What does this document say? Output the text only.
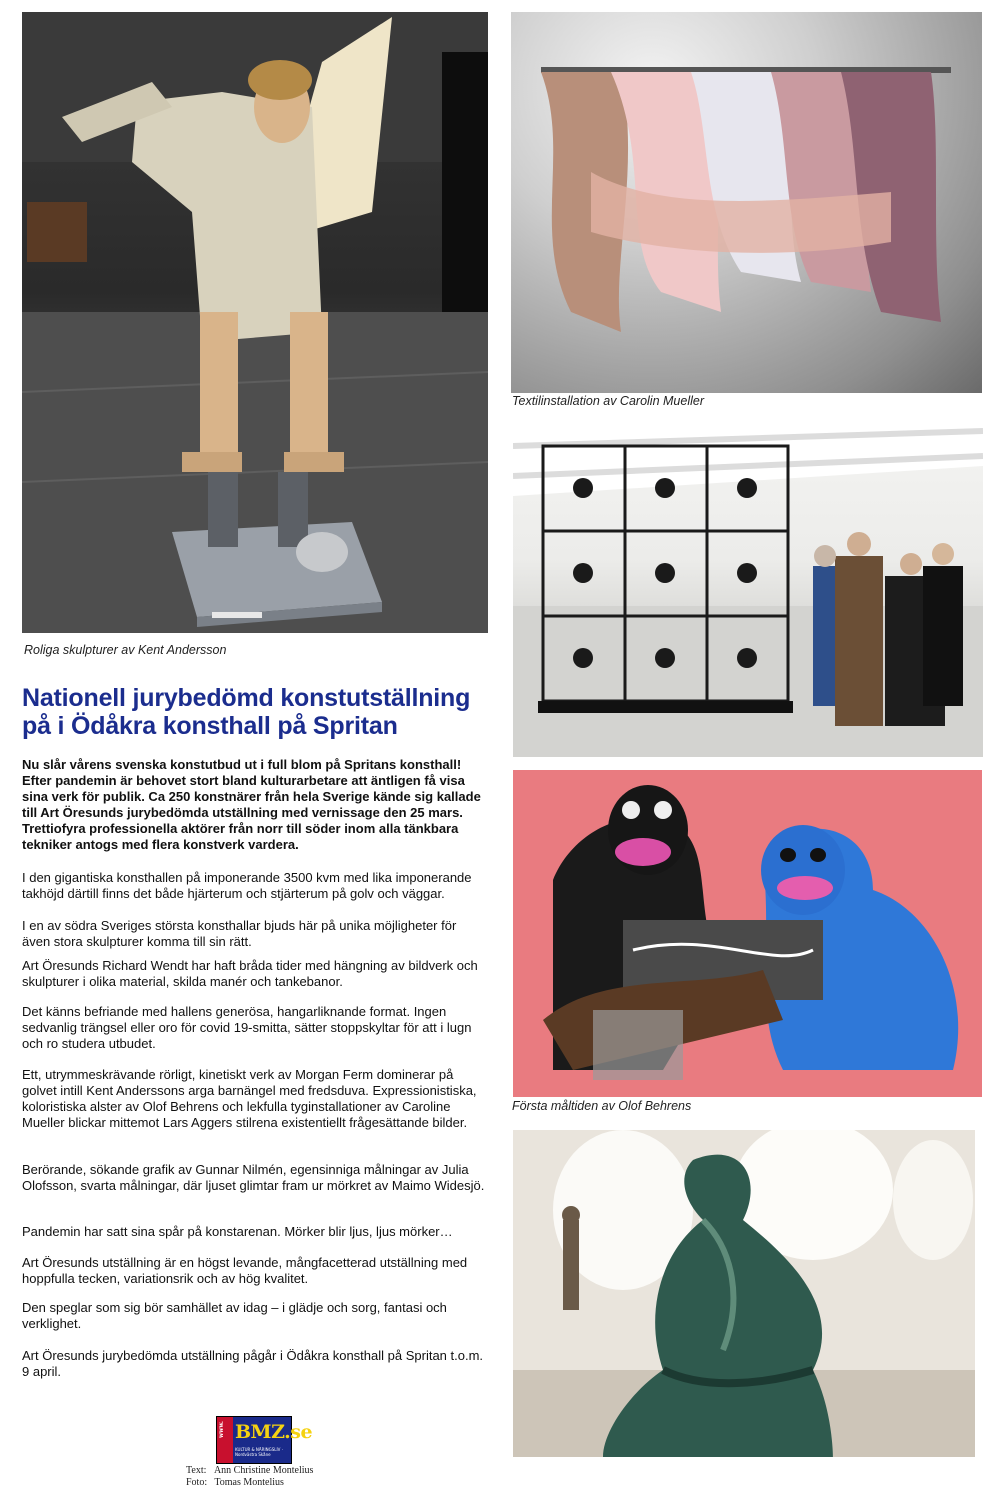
Roliga skulpturer av Kent Andersson
Textilinstallation av Carolin Mueller
Första måltiden av Olof Behrens
Nationell jurybedömd konstutställning på i Ödåkra konsthall på Spritan

Nu slår vårens svenska konstutbud ut i full blom på Spritans konsthall! Efter pandemin är behovet stort bland kulturarbetare att äntligen få visa sina verk för publik. Ca 250 konstnärer från hela Sverige kände sig kallade till Art Öresunds jurybedömda utställning med vernissage den 25 mars. Trettiofyra professionella aktörer från norr till söder inom alla tänkbara tekniker antogs med flera konstverk vardera.

I den gigantiska konsthallen på imponerande 3500 kvm med lika imponerande takhöjd därtill finns det både hjärterum och stjärterum på golv och väggar.

I en av södra Sveriges största konsthallar bjuds här på unika möjligheter för även stora skulpturer komma till sin rätt.

Art Öresunds Richard Wendt har haft bråda tider med hängning av bildverk och skulpturer i olika material, skilda manér och tankebanor.

Det känns befriande med hallens generösa, hangarliknande format. Ingen sedvanlig trängsel eller oro för covid 19-smitta, sätter stoppskyltar för att i lugn och ro studera utbudet.

Ett, utrymmeskrävande rörligt, kinetiskt verk av Morgan Ferm dominerar på golvet intill Kent Anderssons arga barnängel med fredsduva. Expressionistiska, koloristiska alster av Olof Behrens och lekfulla tyginstallationer av Caroline Mueller blickar mittemot Lars Aggers stilrena existentiellt frågesättande bilder.

Berörande, sökande grafik av Gunnar Nilmén, egensinniga målningar av Julia Olofsson, svarta målningar, där ljuset glimtar fram ur mörkret av Maimo Widesjö.

Pandemin har satt sina spår på konstarenan. Mörker blir ljus, ljus mörker…

Art Öresunds utställning är en högst levande, mångfacetterad utställning med hoppfulla tecken, variationsrik och av hög kvalitet.

Den speglar som sig bör samhället av idag – i glädje och sorg, fantasi och verklighet.

Art Öresunds jurybedömda utställning pågår i Ödåkra konsthall på Spritan t.o.m. 9 april.

www. BMZ.se
KULTUR & NÄRINGSLIV · Nordvästra Skåne
Text: Ann Christine Montelius
Foto: Tomas Montelius
